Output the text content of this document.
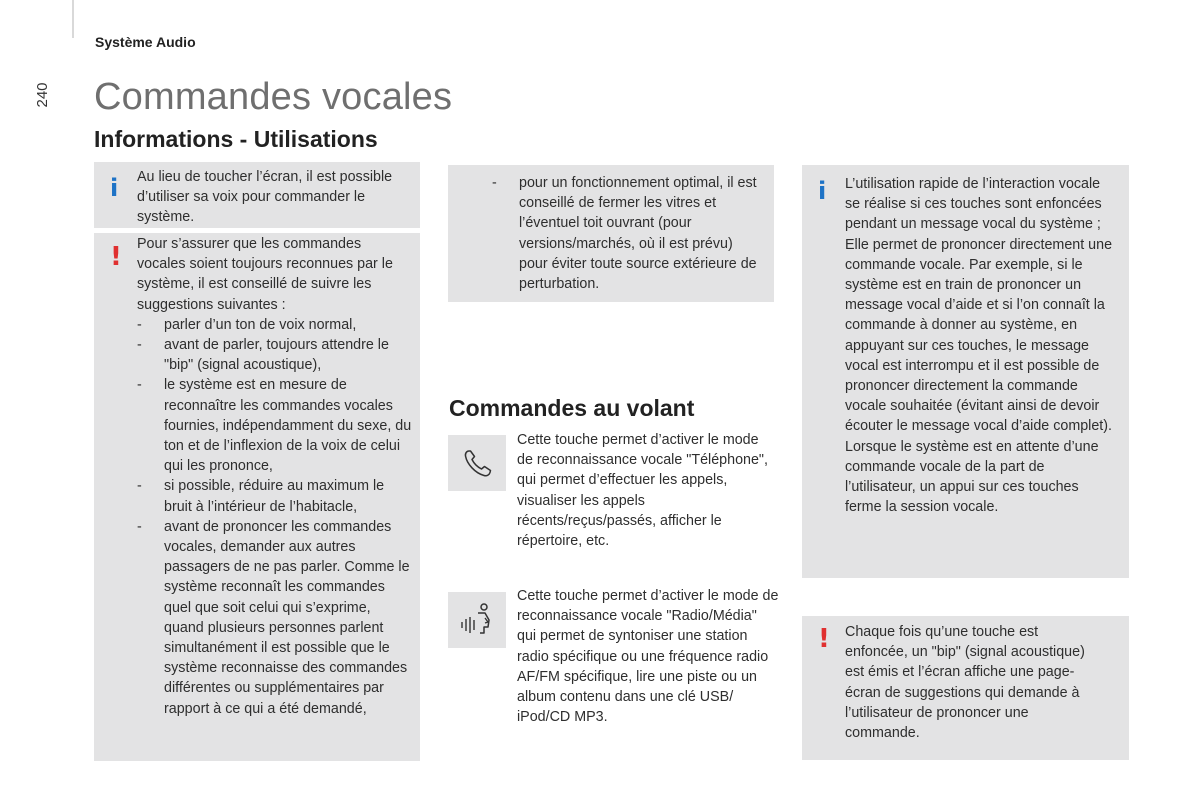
Système Audio
240 Commandes vocales
Informations - Utilisations
i Au lieu de toucher l’écran, il est possible d’utiliser sa voix pour commander le système.
! Pour s’assurer que les commandes vocales soient toujours reconnues par le système, il est conseillé de suivre les suggestions suivantes :

- parler d’un ton de voix normal,
- avant de parler, toujours attendre le "bip" (signal acoustique),
- le système est en mesure de reconnaître les commandes vocales fournies, indépendamment du sexe, du ton et de l’inflexion de la voix de celui qui les prononce,
- si possible, réduire au maximum le bruit à l’intérieur de l’habitacle,
- avant de prononcer les commandes vocales, demander aux autres passagers de ne pas parler. Comme le système reconnaît les commandes quel que soit celui qui s’exprime, quand plusieurs personnes parlent simultanément il est possible que le système reconnaisse des commandes différentes ou supplémentaires par rapport à ce qui a été demandé,
- pour un fonctionnement optimal, il est conseillé de fermer les vitres et l’éventuel toit ouvrant (pour versions/marchés, où il est prévu) pour éviter toute source extérieure de perturbation.
Commandes au volant
Cette touche permet d’activer le mode de reconnaissance vocale "Téléphone", qui permet d’effectuer les appels, visualiser les appels récents/reçus/passés, afficher le répertoire, etc.
Cette touche permet d’activer le mode de reconnaissance vocale "Radio/Média" qui permet de syntoniser une station radio spécifique ou une fréquence radio AF/FM spécifique, lire une piste ou un album contenu dans une clé USB/ iPod/CD MP3.
i L’utilisation rapide de l’interaction vocale se réalise si ces touches sont enfoncées pendant un message vocal du système ; Elle permet de prononcer directement une commande vocale. Par exemple, si le système est en train de prononcer un message vocal d’aide et si l’on connaît la commande à donner au système, en appuyant sur ces touches, le message vocal est interrompu et il est possible de prononcer directement la commande vocale souhaitée (évitant ainsi de devoir écouter le message vocal d’aide complet). Lorsque le système est en attente d’une commande vocale de la part de l’utilisateur, un appui sur ces touches ferme la session vocale.
! Chaque fois qu’une touche est enfoncée, un "bip" (signal acoustique) est émis et l’écran affiche une page-écran de suggestions qui demande à l’utilisateur de prononcer une commande.
